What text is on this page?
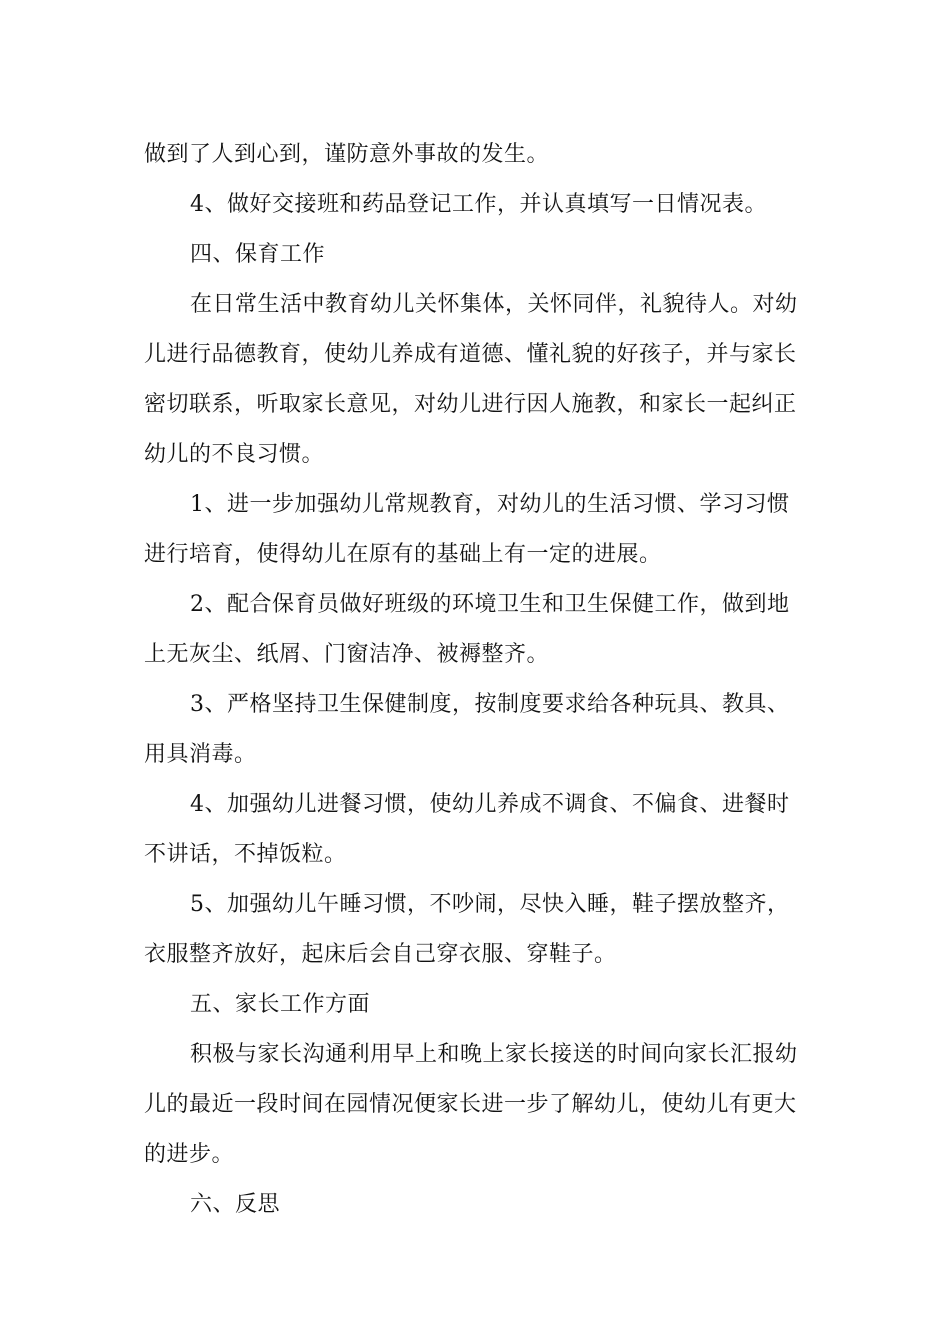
做到了人到心到，谨防意外事故的发生。

4、做好交接班和药品登记工作，并认真填写一日情况表。

四、保育工作

在日常生活中教育幼儿关怀集体，关怀同伴，礼貌待人。对幼儿进行品德教育，使幼儿养成有道德、懂礼貌的好孩子，并与家长密切联系，听取家长意见，对幼儿进行因人施教，和家长一起纠正幼儿的不良习惯。

1、进一步加强幼儿常规教育，对幼儿的生活习惯、学习习惯进行培育，使得幼儿在原有的基础上有一定的进展。

2、配合保育员做好班级的环境卫生和卫生保健工作，做到地上无灰尘、纸屑、门窗洁净、被褥整齐。

3、严格坚持卫生保健制度，按制度要求给各种玩具、教具、用具消毒。

4、加强幼儿进餐习惯，使幼儿养成不调食、不偏食、进餐时不讲话，不掉饭粒。

5、加强幼儿午睡习惯，不吵闹，尽快入睡，鞋子摆放整齐，衣服整齐放好，起床后会自己穿衣服、穿鞋子。

五、家长工作方面

积极与家长沟通利用早上和晚上家长接送的时间向家长汇报幼儿的最近一段时间在园情况便家长进一步了解幼儿，使幼儿有更大的进步。

六、反思
